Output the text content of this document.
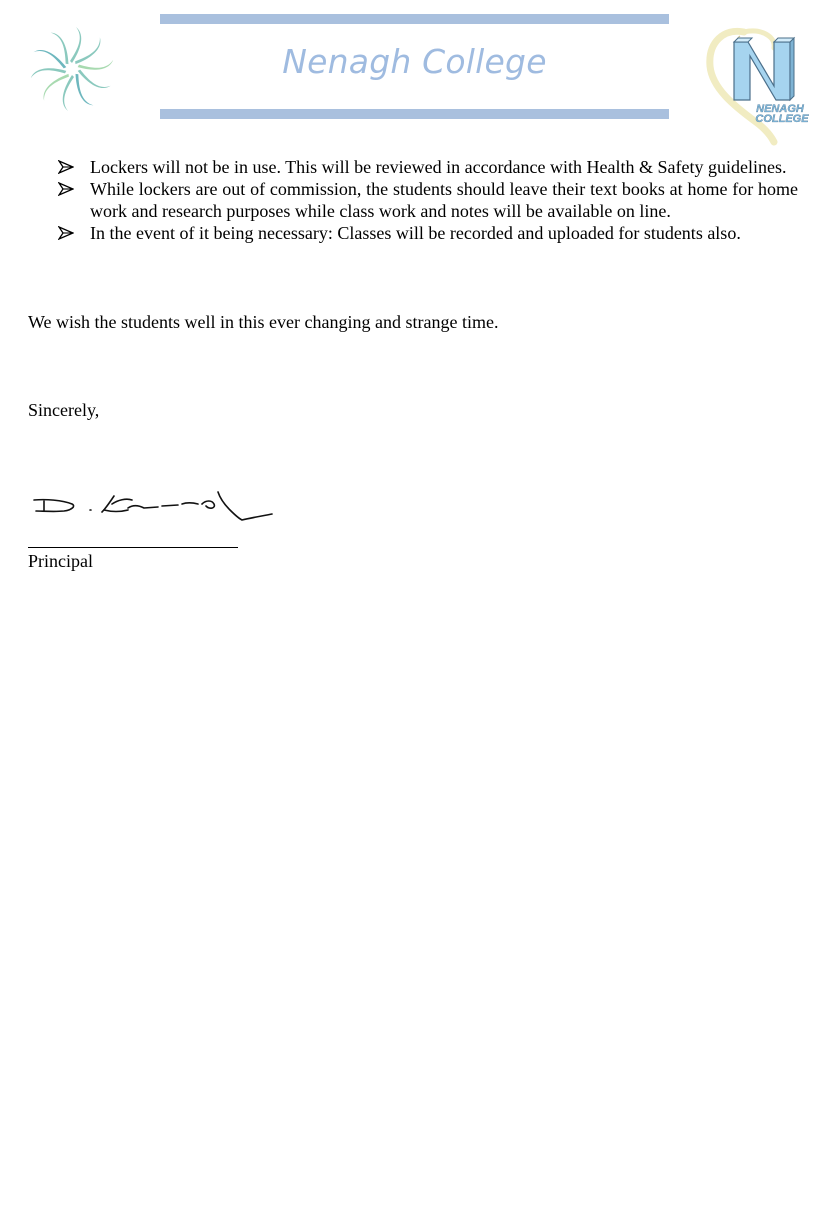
Nenagh College
NENAGH
COLLEGE
Lockers will not be in use. This will be reviewed in accordance with Health & Safety guidelines.
While lockers are out of commission, the students should leave their text books at home for home work and research purposes while class work and notes will be available on line.
In the event of it being necessary: Classes will be recorded and uploaded for students also.

We wish the students well in this ever changing and strange time.

Sincerely,

Principal
